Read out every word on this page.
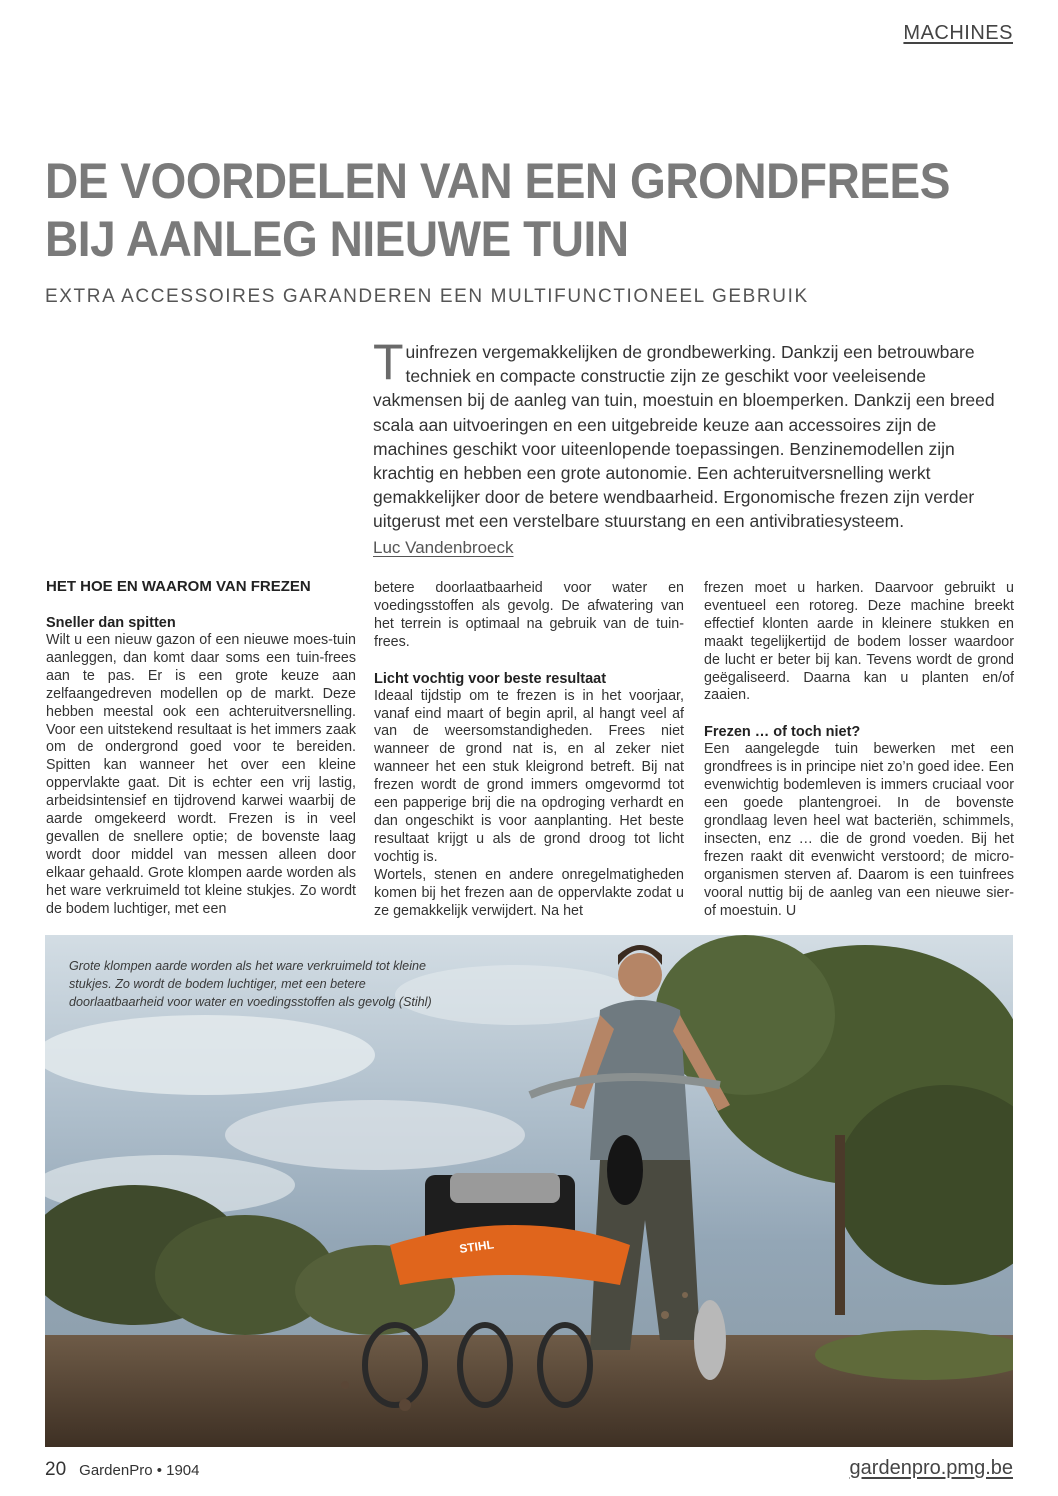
MACHINES
DE VOORDELEN VAN EEN GRONDFREES
BIJ AANLEG NIEUWE TUIN
EXTRA ACCESSOIRES GARANDEREN EEN MULTIFUNCTIONEEL GEBRUIK
Tuinfrezen vergemakkelijken de grondbewerking. Dankzij een betrouwbare techniek en compacte constructie zijn ze geschikt voor veeleisende vakmensen bij de aanleg van tuin, moestuin en bloemperken. Dankzij een breed scala aan uitvoeringen en een uitgebreide keuze aan accessoires zijn de machines geschikt voor uiteenlopende toepassingen. Benzinemodellen zijn krachtig en hebben een grote autonomie. Een achteruitversnelling werkt gemakkelijker door de betere wendbaarheid. Ergonomische frezen zijn verder uitgerust met een verstelbare stuurstang en een antivibratiesysteem.
Luc Vandenbroeck
HET HOE EN WAAROM VAN FREZEN
Sneller dan spitten

Wilt u een nieuw gazon of een nieuwe moes-tuin aanleggen, dan komt daar soms een tuin-frees aan te pas. Er is een grote keuze aan zelfaangedreven modellen op de markt. Deze hebben meestal ook een achteruitversnelling. Voor een uitstekend resultaat is het immers zaak om de ondergrond goed voor te bereiden. Spitten kan wanneer het over een kleine oppervlakte gaat. Dit is echter een vrij lastig, arbeidsintensief en tijdrovend karwei waarbij de aarde omgekeerd wordt. Frezen is in veel gevallen de snellere optie; de bovenste laag wordt door middel van messen alleen door elkaar gehaald. Grote klompen aarde worden als het ware verkruimeld tot kleine stukjes. Zo wordt de bodem luchtiger, met een

betere doorlaatbaarheid voor water en voedingsstoffen als gevolg. De afwatering van het terrein is optimaal na gebruik van de tuin-frees.

Licht vochtig voor beste resultaat

Ideaal tijdstip om te frezen is in het voorjaar, vanaf eind maart of begin april, al hangt veel af van de weersomstandigheden. Frees niet wanneer de grond nat is, en al zeker niet wanneer het een stuk kleigrond betreft. Bij nat frezen wordt de grond immers omgevormd tot een papperige brij die na opdroging verhardt en dan ongeschikt is voor aanplanting. Het beste resultaat krijgt u als de grond droog tot licht vochtig is.

Wortels, stenen en andere onregelmatigheden komen bij het frezen aan de oppervlakte zodat u ze gemakkelijk verwijdert. Na het

frezen moet u harken. Daarvoor gebruikt u eventueel een rotoreg. Deze machine breekt effectief klonten aarde in kleinere stukken en maakt tegelijkertijd de bodem losser waardoor de lucht er beter bij kan. Tevens wordt de grond geëgaliseerd. Daarna kan u planten en/of zaaien.

Frezen … of toch niet?

Een aangelegde tuin bewerken met een grondfrees is in principe niet zo’n goed idee. Een evenwichtig bodemleven is immers cruciaal voor een goede plantengroei. In de bovenste grondlaag leven heel wat bacteriën, schimmels, insecten, enz … die de grond voeden. Bij het frezen raakt dit evenwicht verstoord; de micro-organismen sterven af. Daarom is een tuinfrees vooral nuttig bij de aanleg van een nieuwe sier- of moestuin. U

STIHL
Grote klompen aarde worden als het ware verkruimeld tot kleine stukjes. Zo wordt de bodem luchtiger, met een betere doorlaatbaarheid voor water en voedingsstoffen als gevolg (Stihl)
20 GardenPro • 1904	gardenpro.pmg.be
